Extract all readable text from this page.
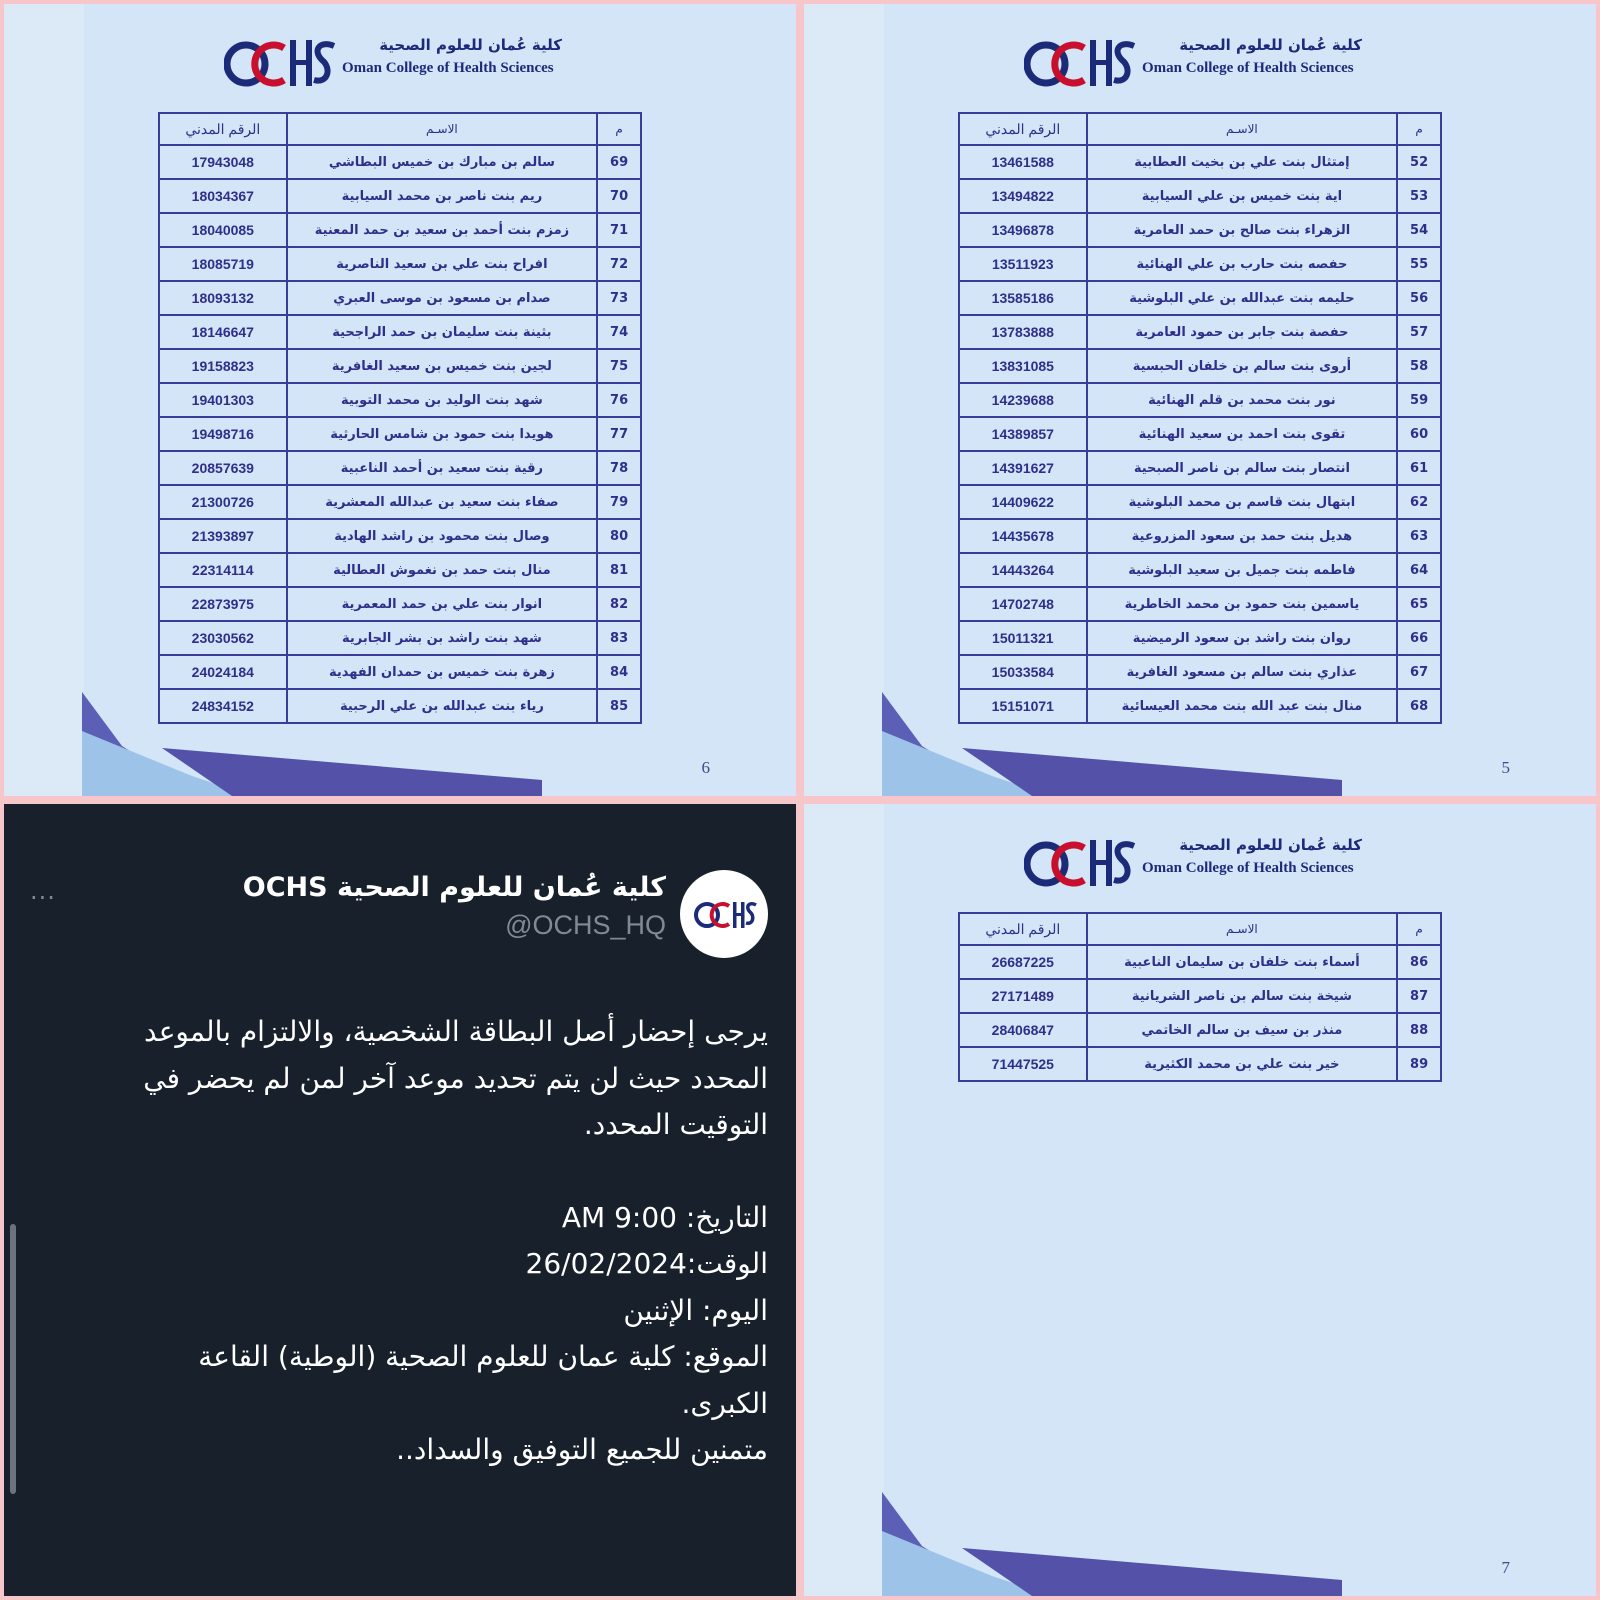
كلية عُمان للعلوم الصحية
Oman College of Health Sciences
م	الاسـم	الرقم المدني
69	سالم بن مبارك بن خميس البطاشي	17943048
70	ريم بنت ناصر بن محمد السيابية	18034367
71	زمزم بنت أحمد بن سعيد بن حمد المعنية	18040085
72	افراح بنت علي بن سعيد الناصرية	18085719
73	صدام بن مسعود بن موسى العبري	18093132
74	بثينة بنت سليمان بن حمد الراجحية	18146647
75	لجين بنت خميس بن سعيد الغافرية	19158823
76	شهد بنت الوليد بن محمد التوبية	19401303
77	هويدا بنت حمود بن شامس الحارثية	19498716
78	رقية بنت سعيد بن أحمد الناعبية	20857639
79	صفاء بنت سعيد بن عبدالله المعشرية	21300726
80	وصال بنت محمود بن راشد الهادية	21393897
81	منال بنت حمد بن نغموش العطالية	22314114
82	انوار بنت علي بن حمد المعمرية	22873975
83	شهد بنت راشد بن بشر الجابرية	23030562
84	زهرة بنت خميس بن حمدان الفهدية	24024184
85	رياء بنت عبدالله بن علي الرحبية	24834152
6
كلية عُمان للعلوم الصحية
Oman College of Health Sciences
م	الاسـم	الرقم المدني
52	إمتثال بنت علي بن بخيت العطابية	13461588
53	اية بنت خميس بن علي السيابية	13494822
54	الزهراء بنت صالح بن حمد العامرية	13496878
55	حفصه بنت حارب بن علي الهنائية	13511923
56	حليمه بنت عبدالله بن علي البلوشية	13585186
57	حفصة بنت جابر بن حمود العامرية	13783888
58	أروى بنت سالم بن خلفان الحبسية	13831085
59	نور بنت محمد بن قلم الهنائية	14239688
60	تقوى بنت احمد بن سعيد الهنائية	14389857
61	انتصار بنت سالم بن ناصر الصبحية	14391627
62	ابتهال بنت قاسم بن محمد البلوشية	14409622
63	هديل بنت حمد بن سعود المزروعية	14435678
64	فاطمه بنت جميل بن سعيد البلوشية	14443264
65	ياسمين بنت حمود بن محمد الخاطرية	14702748
66	روان بنت راشد بن سعود الرميضية	15011321
67	عذاري بنت سالم بن مسعود الغافرية	15033584
68	منال بنت عبد الله بنت محمد العيسائية	15151071
5
···	كلية عُمان للعلوم الصحية OCHS
@OCHS_HQ

يرجى إحضار أصل البطاقة الشخصية، والالتزام بالموعد

المحدد حيث لن يتم تحديد موعد آخر لمن لم يحضر في

التوقيت المحدد.

التاريخ: 9:00 AM

الوقت:26/02/2024

اليوم: الإثنين

الموقع: كلية عمان للعلوم الصحية (الوطية) القاعة

الكبرى.

متمنين للجميع التوفيق والسداد..

كلية عُمان للعلوم الصحية
Oman College of Health Sciences
م	الاسـم	الرقم المدني
86	أسماء بنت خلفان بن سليمان الناعبية	26687225
87	شيخة بنت سالم بن ناصر الشريانية	27171489
88	منذر بن سيف بن سالم الخاتمي	28406847
89	خير بنت علي بن محمد الكثيرية	71447525
7
